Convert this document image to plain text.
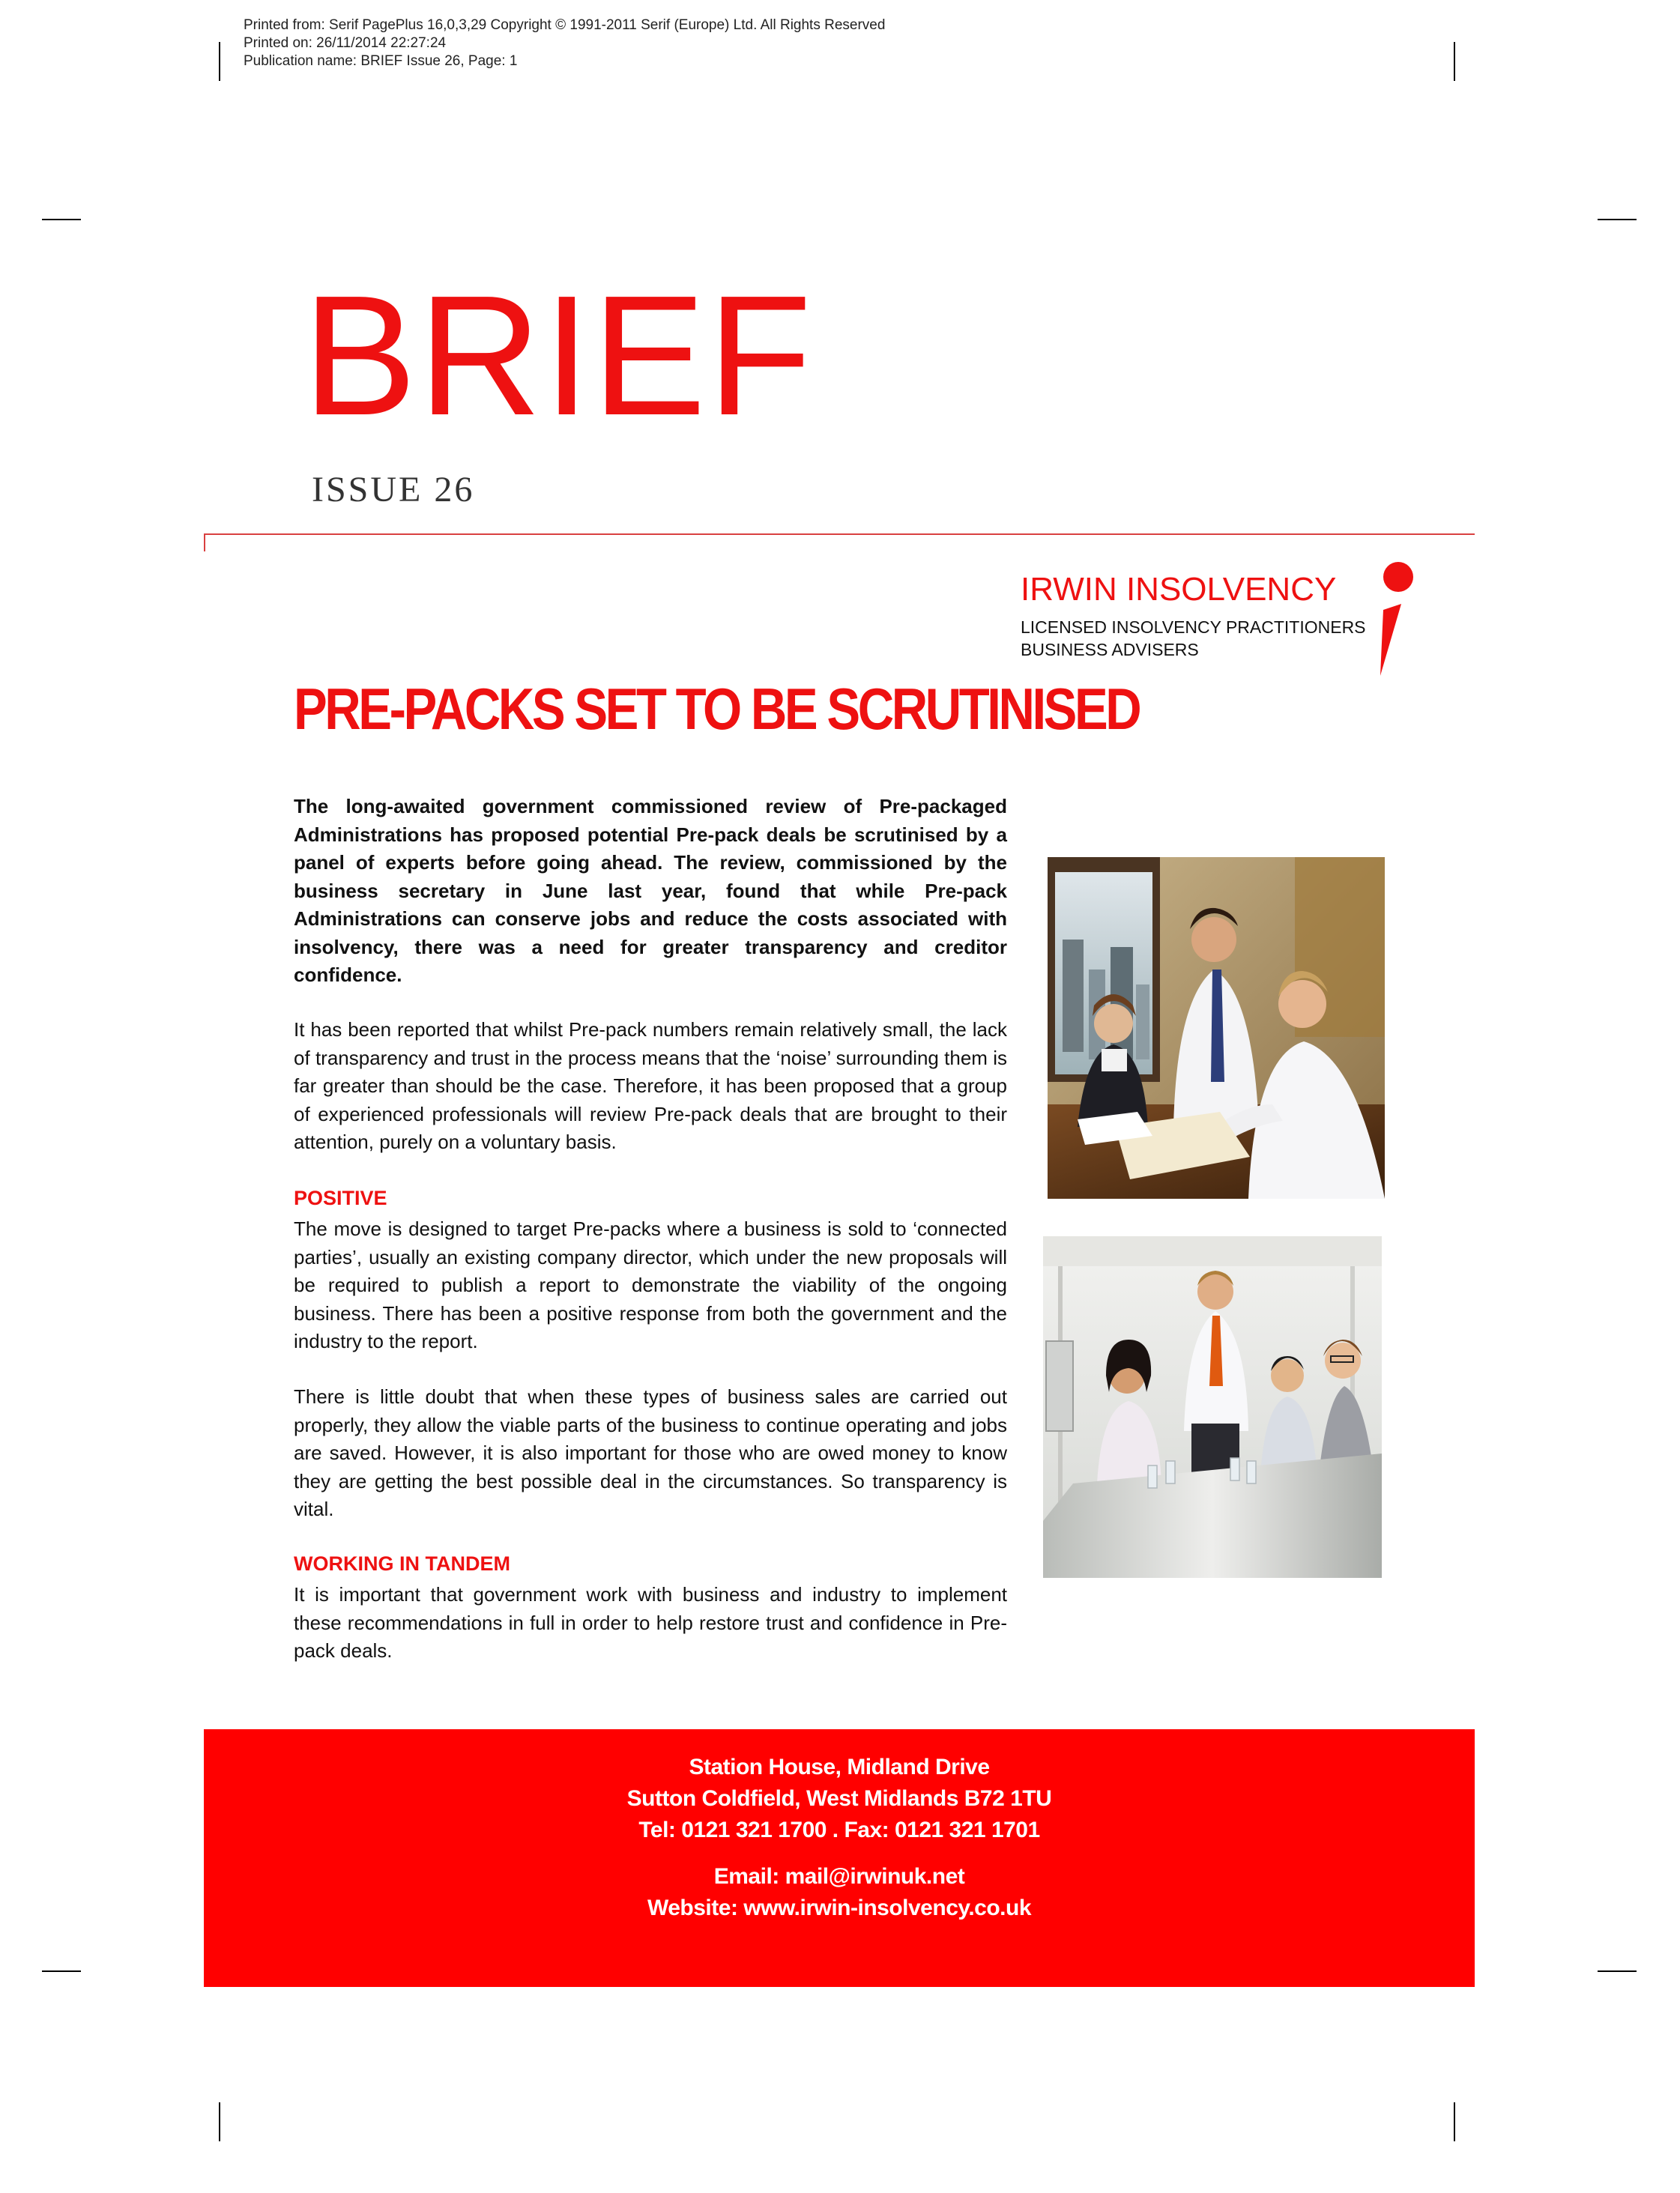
Printed from: Serif PagePlus 16,0,3,29 Copyright © 1991-2011 Serif (Europe) Ltd. All Rights Reserved
Printed on: 26/11/2014 22:27:24
Publication name: BRIEF Issue 26, Page: 1
BRIEF
ISSUE 26
IRWIN INSOLVENCY
LICENSED INSOLVENCY PRACTITIONERS
BUSINESS ADVISERS
PRE-PACKS SET TO BE SCRUTINISED

The long-awaited government commissioned review of Pre-packaged Administrations has proposed potential Pre-pack deals be scrutinised by a panel of experts before going ahead. The review, commissioned by the business secretary in June last year, found that while Pre-pack Administrations can conserve jobs and reduce the costs associated with insolvency, there was a need for greater transparency and creditor confidence.

It has been reported that whilst Pre-pack numbers remain relatively small, the lack of transparency and trust in the process means that the ‘noise’ surrounding them is far greater than should be the case. Therefore, it has been proposed that a group of experienced professionals will review Pre-pack deals that are brought to their attention, purely on a voluntary basis.

POSITIVE

The move is designed to target Pre-packs where a business is sold to ‘connected parties’, usually an existing company director, which under the new proposals will be required to publish a report to demonstrate the viability of the ongoing business. There has been a positive response from both the government and the industry to the report.

There is little doubt that when these types of business sales are carried out properly, they allow the viable parts of the business to continue operating and jobs are saved. However, it is also important for those who are owed money to know they are getting the best possible deal in the circumstances. So transparency is vital.

WORKING IN TANDEM

It is important that government work with business and industry to implement these recommendations in full in order to help restore trust and confidence in Pre-pack deals.

Station House, Midland Drive
Sutton Coldfield, West Midlands B72 1TU
Tel: 0121 321 1700 . Fax: 0121 321 1701
Email: mail@irwinuk.net
Website: www.irwin-insolvency.co.uk
